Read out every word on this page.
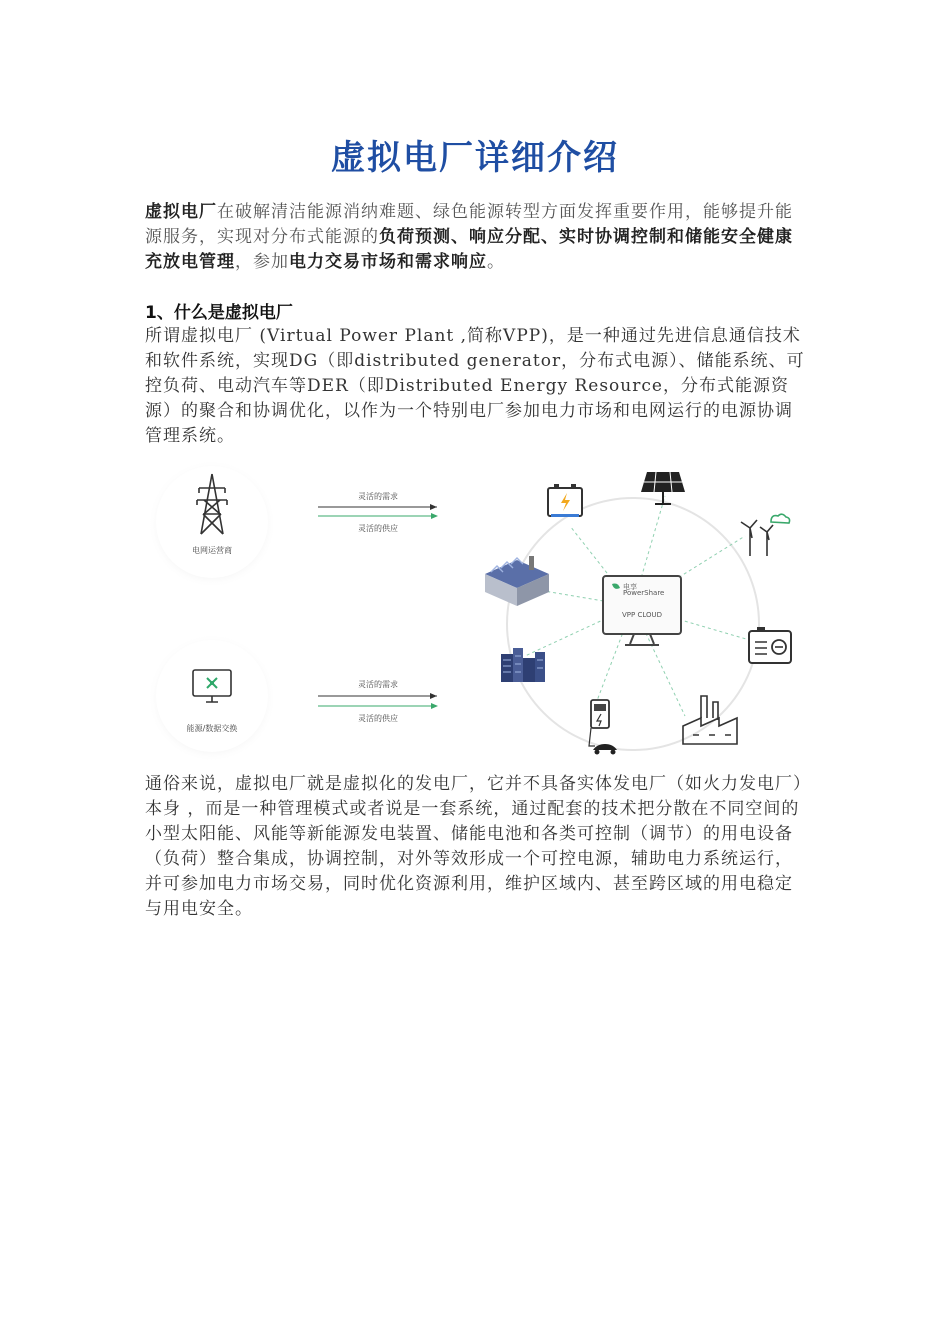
虚拟电厂详细介绍
虚拟电厂在破解清洁能源消纳难题、绿色能源转型方面发挥重要作用，能够提升能源服务，实现对分布式能源的负荷预测、响应分配、实时协调控制和储能安全健康充放电管理，参加电力交易市场和需求响应。
1、什么是虚拟电厂
所谓虚拟电厂 (Virtual Power Plant ,简称VPP)，是一种通过先进信息通信技术和软件系统，实现DG（即distributed generator，分布式电源）、储能系统、可控负荷、电动汽车等DER（即Distributed Energy Resource，分布式能源资源）的聚合和协调优化，以作为一个特别电厂参加电力市场和电网运行的电源协调管理系统。
电网运营商
能源/数据交换
灵活的需求
灵活的供应
灵活的需求
灵活的供应
电享
PowerShare
VPP CLOUD
通俗来说，虚拟电厂就是虚拟化的发电厂，它并不具备实体发电厂（如火力发电厂）本身 ，而是一种管理模式或者说是一套系统，通过配套的技术把分散在不同空间的小型太阳能、风能等新能源发电装置、储能电池和各类可控制（调节）的用电设备（负荷）整合集成，协调控制，对外等效形成一个可控电源，辅助电力系统运行，并可参加电力市场交易，同时优化资源利用，维护区域内、甚至跨区域的用电稳定与用电安全。
